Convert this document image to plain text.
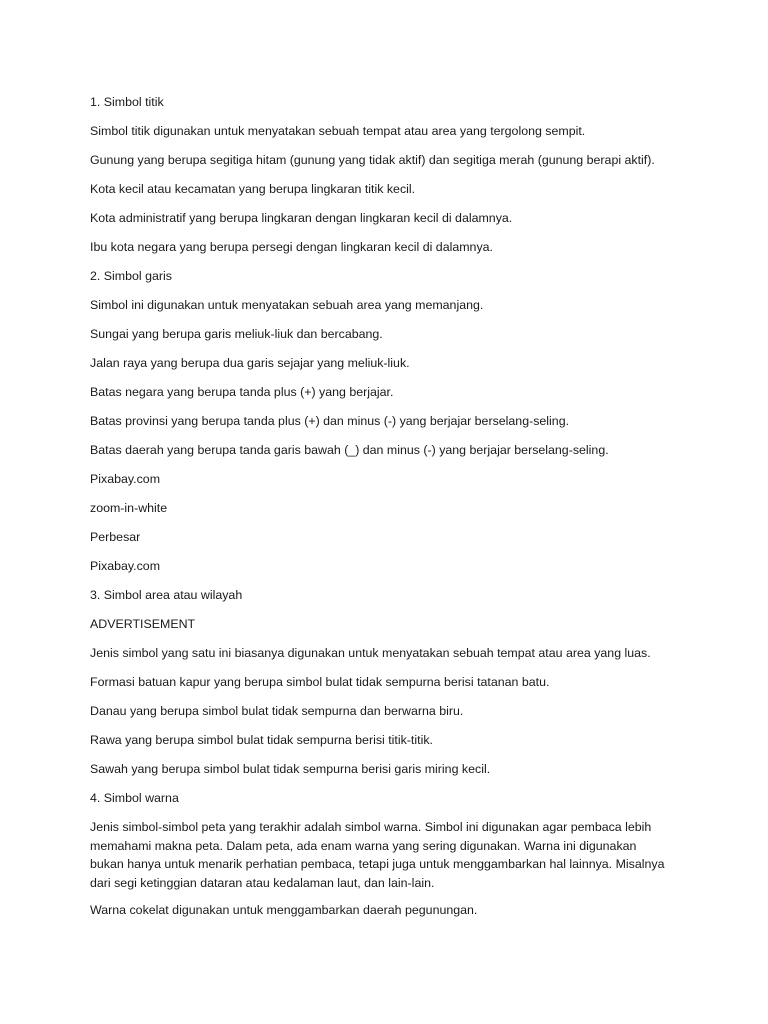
1. Simbol titik

Simbol titik digunakan untuk menyatakan sebuah tempat atau area yang tergolong sempit.

Gunung yang berupa segitiga hitam (gunung yang tidak aktif) dan segitiga merah (gunung berapi aktif).

Kota kecil atau kecamatan yang berupa lingkaran titik kecil.

Kota administratif yang berupa lingkaran dengan lingkaran kecil di dalamnya.

Ibu kota negara yang berupa persegi dengan lingkaran kecil di dalamnya.

2. Simbol garis

Simbol ini digunakan untuk menyatakan sebuah area yang memanjang.

Sungai yang berupa garis meliuk-liuk dan bercabang.

Jalan raya yang berupa dua garis sejajar yang meliuk-liuk.

Batas negara yang berupa tanda plus (+) yang berjajar.

Batas provinsi yang berupa tanda plus (+) dan minus (-) yang berjajar berselang-seling.

Batas daerah yang berupa tanda garis bawah (_) dan minus (-) yang berjajar berselang-seling.

Pixabay.com

zoom-in-white

Perbesar

Pixabay.com

3. Simbol area atau wilayah

ADVERTISEMENT

Jenis simbol yang satu ini biasanya digunakan untuk menyatakan sebuah tempat atau area yang luas.

Formasi batuan kapur yang berupa simbol bulat tidak sempurna berisi tatanan batu.

Danau yang berupa simbol bulat tidak sempurna dan berwarna biru.

Rawa yang berupa simbol bulat tidak sempurna berisi titik-titik.

Sawah yang berupa simbol bulat tidak sempurna berisi garis miring kecil.

4. Simbol warna

Jenis simbol-simbol peta yang terakhir adalah simbol warna. Simbol ini digunakan agar pembaca lebih memahami makna peta. Dalam peta, ada enam warna yang sering digunakan. Warna ini digunakan bukan hanya untuk menarik perhatian pembaca, tetapi juga untuk menggambarkan hal lainnya. Misalnya dari segi ketinggian dataran atau kedalaman laut, dan lain-lain.

Warna cokelat digunakan untuk menggambarkan daerah pegunungan.
